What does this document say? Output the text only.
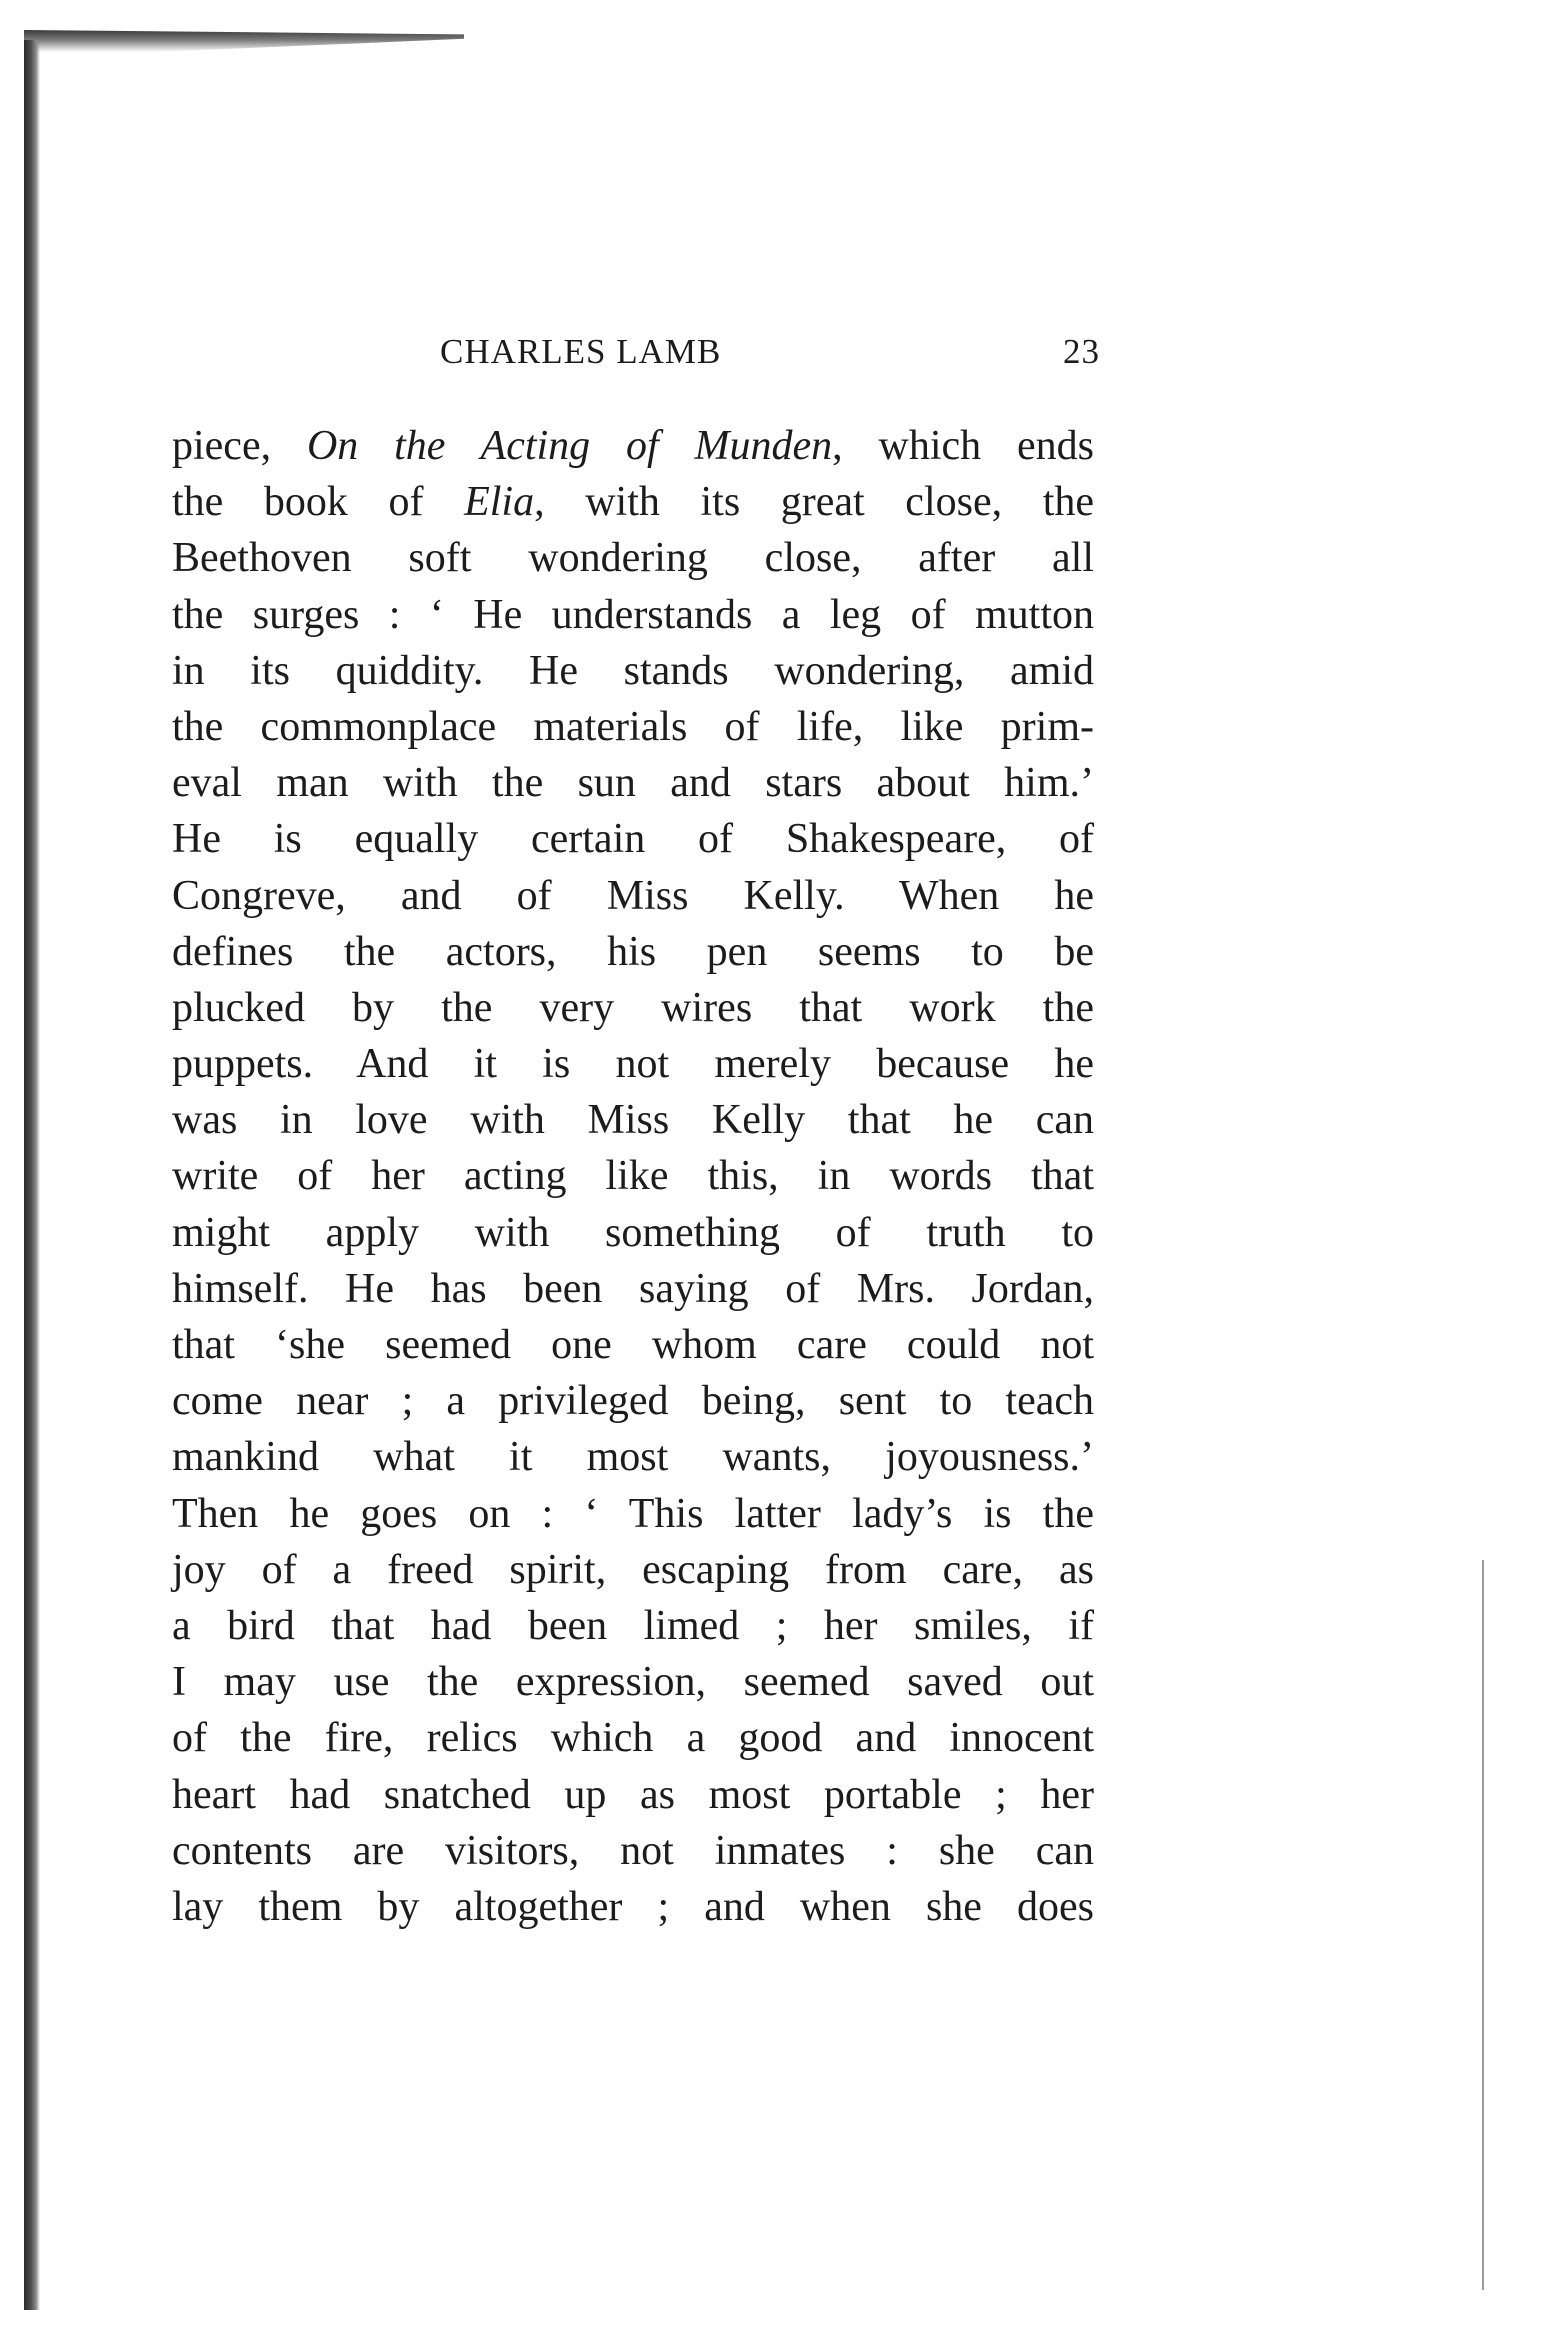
CHARLES LAMB	23
piece, On the Acting of Munden, which ends
the book of Elia, with its great close, the
Beethoven soft wondering close, after all
the surges : ‘ He understands a leg of mutton
in its quiddity. He stands wondering, amid
the commonplace materials of life, like prim-
eval man with the sun and stars about him.’
He is equally certain of Shakespeare, of
Congreve, and of Miss Kelly. When he
defines the actors, his pen seems to be
plucked by the very wires that work the
puppets. And it is not merely because he
was in love with Miss Kelly that he can
write of her acting like this, in words that
might apply with something of truth to
himself. He has been saying of Mrs. Jordan,
that ‘she seemed one whom care could not
come near ; a privileged being, sent to teach
mankind what it most wants, joyousness.’
Then he goes on : ‘ This latter lady’s is the
joy of a freed spirit, escaping from care, as
a bird that had been limed ; her smiles, if
I may use the expression, seemed saved out
of the fire, relics which a good and innocent
heart had snatched up as most portable ; her
contents are visitors, not inmates : she can
lay them by altogether ; and when she does
